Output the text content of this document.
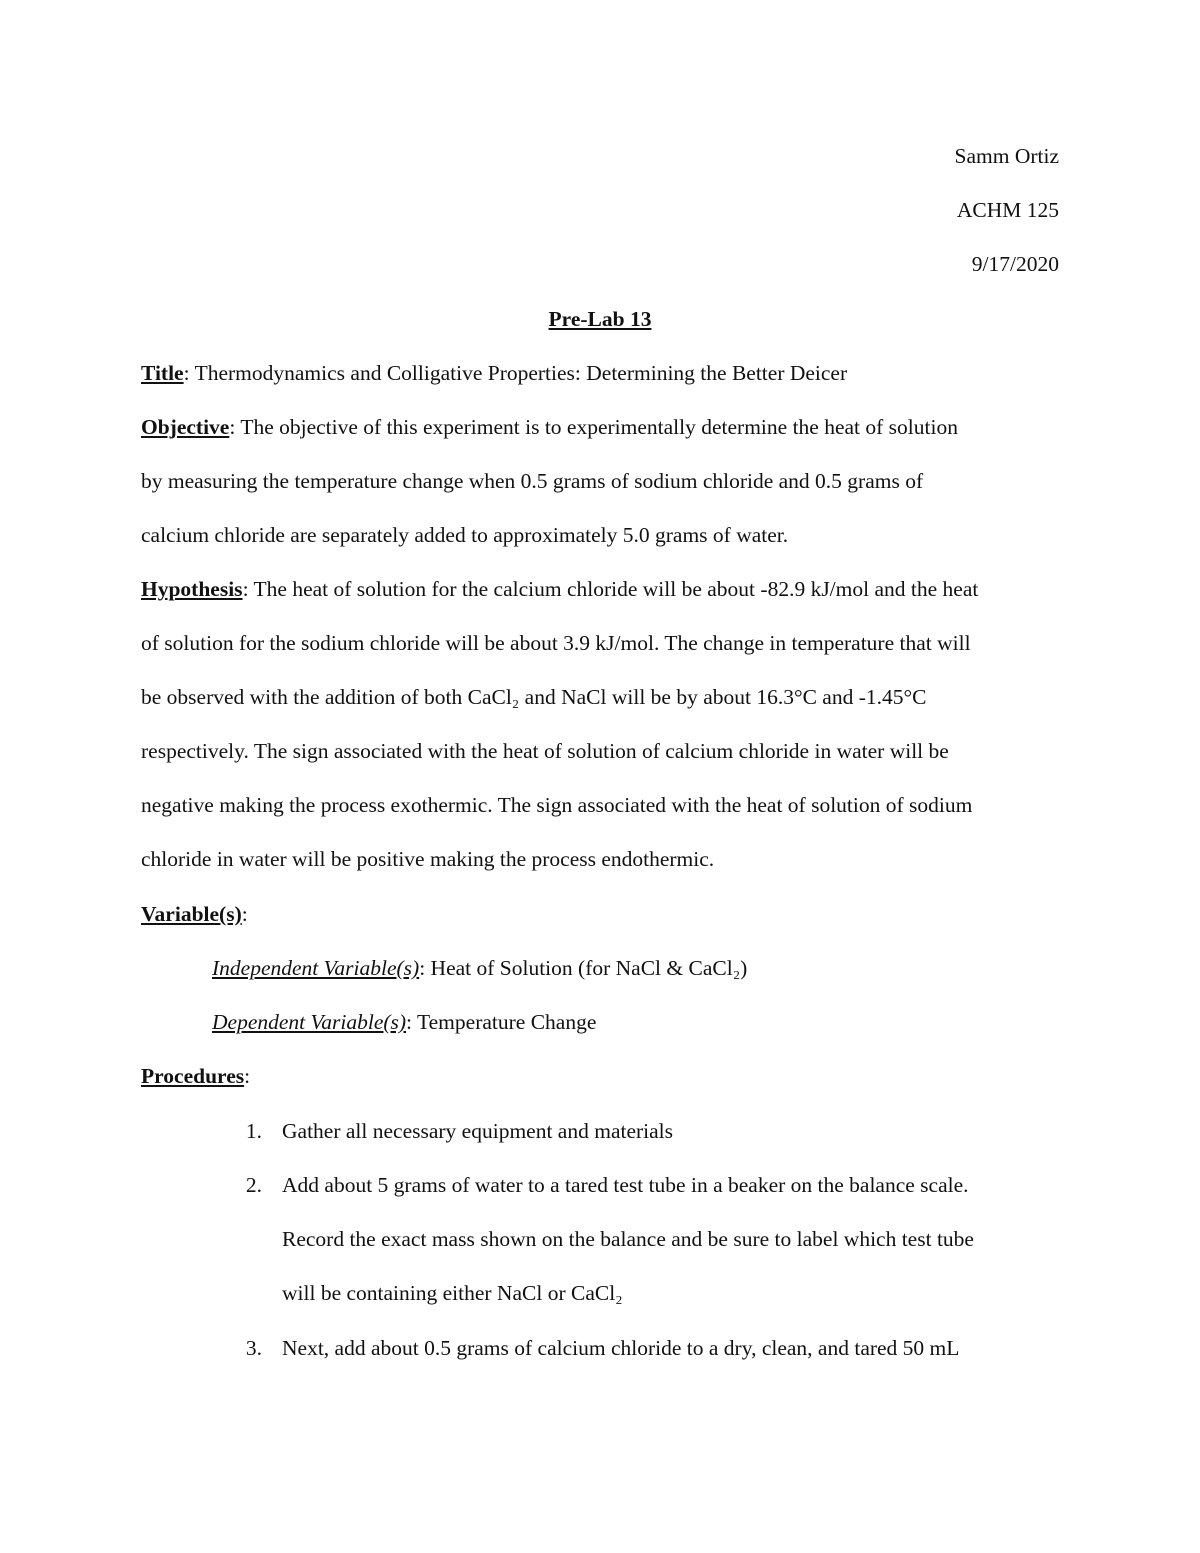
Samm Ortiz
ACHM 125
9/17/2020
Pre-Lab 13
Title: Thermodynamics and Colligative Properties: Determining the Better Deicer
Objective: The objective of this experiment is to experimentally determine the heat of solution
by measuring the temperature change when 0.5 grams of sodium chloride and 0.5 grams of
calcium chloride are separately added to approximately 5.0 grams of water.
Hypothesis: The heat of solution for the calcium chloride will be about -82.9 kJ/mol and the heat
of solution for the sodium chloride will be about 3.9 kJ/mol. The change in temperature that will
be observed with the addition of both CaCl₂ and NaCl will be by about 16.3°C and -1.45°C
respectively. The sign associated with the heat of solution of calcium chloride in water will be
negative making the process exothermic. The sign associated with the heat of solution of sodium
chloride in water will be positive making the process endothermic.
Variable(s):
Independent Variable(s): Heat of Solution (for NaCl & CaCl₂)
Dependent Variable(s): Temperature Change
Procedures:
1. Gather all necessary equipment and materials
2. Add about 5 grams of water to a tared test tube in a beaker on the balance scale.
Record the exact mass shown on the balance and be sure to label which test tube
will be containing either NaCl or CaCl₂
3. Next, add about 0.5 grams of calcium chloride to a dry, clean, and tared 50 mL
